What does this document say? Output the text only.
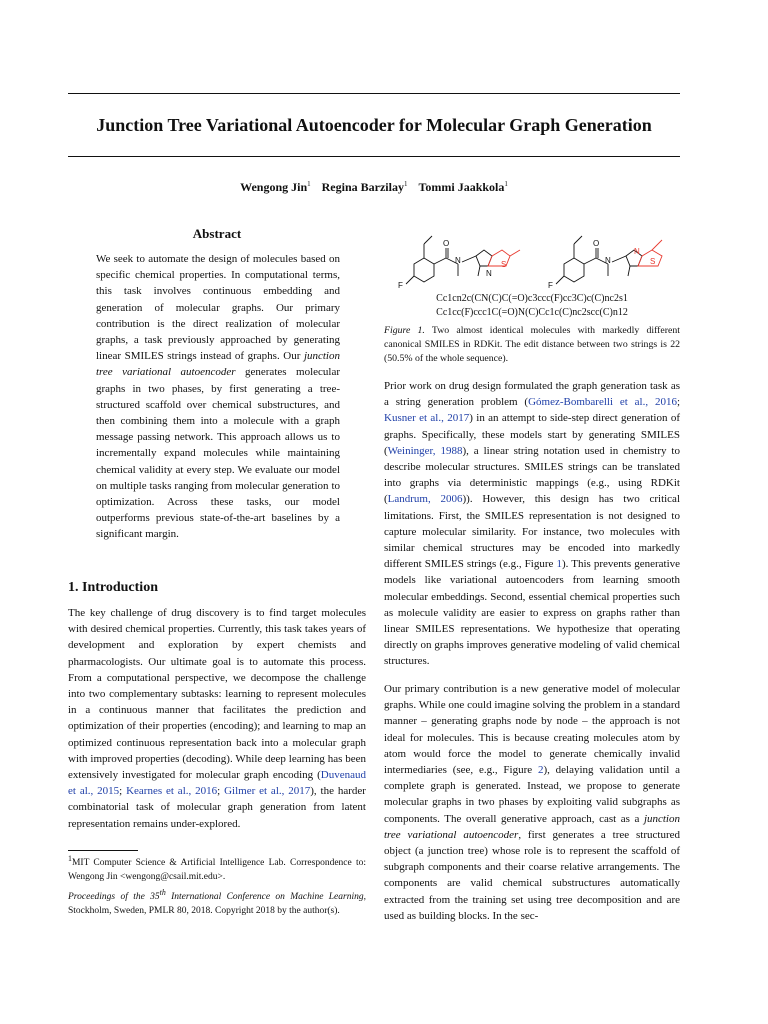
Junction Tree Variational Autoencoder for Molecular Graph Generation
Wengong Jin$^1$ Regina Barzilay$^1$ Tommi Jaakkola$^1$
Abstract
We seek to automate the design of molecules based on specific chemical properties. In computational terms, this task involves continuous embedding and generation of molecular graphs. Our primary contribution is the direct realization of molecular graphs, a task previously approached by generating linear SMILES strings instead of graphs. Our junction tree variational autoencoder generates molecular graphs in two phases, by first generating a tree-structured scaffold over chemical substructures, and then combining them into a molecule with a graph message passing network. This approach allows us to incrementally expand molecules while maintaining chemical validity at every step. We evaluate our model on multiple tasks ranging from molecular generation to optimization. Across these tasks, our model outperforms previous state-of-the-art baselines by a significant margin.
1. Introduction
The key challenge of drug discovery is to find target molecules with desired chemical properties. Currently, this task takes years of development and exploration by expert chemists and pharmacologists. Our ultimate goal is to automate this process. From a computational perspective, we decompose the challenge into two complementary subtasks: learning to represent molecules in a continuous manner that facilitates the prediction and optimization of their properties (encoding); and learning to map an optimized continuous representation back into a molecular graph with improved properties (decoding). While deep learning has been extensively investigated for molecular graph encoding (Duvenaud et al., 2015; Kearnes et al., 2016; Gilmer et al., 2017), the harder combinatorial task of molecular graph generation from latent representation remains under-explored.
$^1$MIT Computer Science & Artificial Intelligence Lab. Correspondence to: Wengong Jin <wengong@csail.mit.edu>.
Proceedings of the 35th International Conference on Machine Learning, Stockholm, Sweden, PMLR 80, 2018. Copyright 2018 by the author(s).
O
N
N
S
F
O
N
N
S
F
Cc1cn2c(CN(C)C(=O)c3ccc(F)cc3C)c(C)nc2s1
Cc1cc(F)ccc1C(=O)N(C)Cc1c(C)nc2scc(C)n12
Figure 1. Two almost identical molecules with markedly different canonical SMILES in RDKit. The edit distance between two strings is 22 (50.5% of the whole sequence).
Prior work on drug design formulated the graph generation task as a string generation problem (Gómez-Bombarelli et al., 2016; Kusner et al., 2017) in an attempt to side-step direct generation of graphs. Specifically, these models start by generating SMILES (Weininger, 1988), a linear string notation used in chemistry to describe molecular structures. SMILES strings can be translated into graphs via deterministic mappings (e.g., using RDKit (Landrum, 2006)). However, this design has two critical limitations. First, the SMILES representation is not designed to capture molecular similarity. For instance, two molecules with similar chemical structures may be encoded into markedly different SMILES strings (e.g., Figure 1). This prevents generative models like variational autoencoders from learning smooth molecular embeddings. Second, essential chemical properties such as molecule validity are easier to express on graphs rather than linear SMILES representations. We hypothesize that operating directly on graphs improves generative modeling of valid chemical structures.
Our primary contribution is a new generative model of molecular graphs. While one could imagine solving the problem in a standard manner – generating graphs node by node – the approach is not ideal for molecules. This is because creating molecules atom by atom would force the model to generate chemically invalid intermediaries (see, e.g., Figure 2), delaying validation until a complete graph is generated. Instead, we propose to generate molecular graphs in two phases by exploiting valid subgraphs as components. The overall generative approach, cast as a junction tree variational autoencoder, first generates a tree structured object (a junction tree) whose role is to represent the scaffold of subgraph components and their coarse relative arrangements. The components are valid chemical substructures automatically extracted from the training set using tree decomposition and are used as building blocks. In the sec-
